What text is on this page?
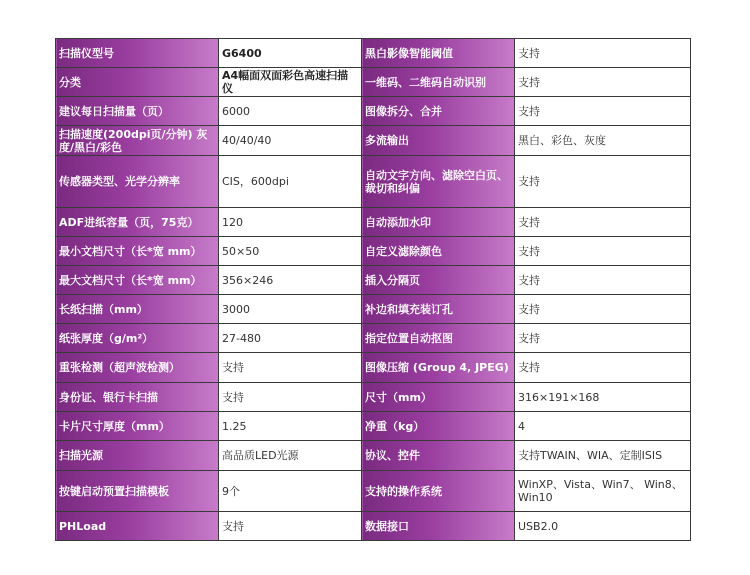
扫描仪型号	G6400	黑白影像智能阈值	支持
分类	A4幅面双面彩色高速扫描仪	一维码、二维码自动识别	支持
建议每日扫描量（页）	6000	图像拆分、合并	支持
扫描速度(200dpi页/分钟) 灰度/黑白/彩色	40/40/40	多流输出	黑白、彩色、灰度
传感器类型、光学分辨率	CIS，600dpi	自动文字方向、滤除空白页、裁切和纠偏	支持
ADF进纸容量（页，75克）	120	自动添加水印	支持
最小文档尺寸（长*宽 mm）	50×50	自定义滤除颜色	支持
最大文档尺寸（长*宽 mm）	356×246	插入分隔页	支持
长纸扫描（mm）	3000	补边和填充装订孔	支持
纸张厚度（g/m²）	27-480	指定位置自动抠图	支持
重张检测（超声波检测）	支持	图像压缩 (Group 4, JPEG)	支持
身份证、银行卡扫描	支持	尺寸（mm）	316×191×168
卡片尺寸厚度（mm）	1.25	净重（kg）	4
扫描光源	高品质LED光源	协议、控件	支持TWAIN、WIA、定制ISIS
按键启动预置扫描模板	9个	支持的操作系统	WinXP、Vista、Win7、 Win8、Win10
PHLoad	支持	数据接口	USB2.0
